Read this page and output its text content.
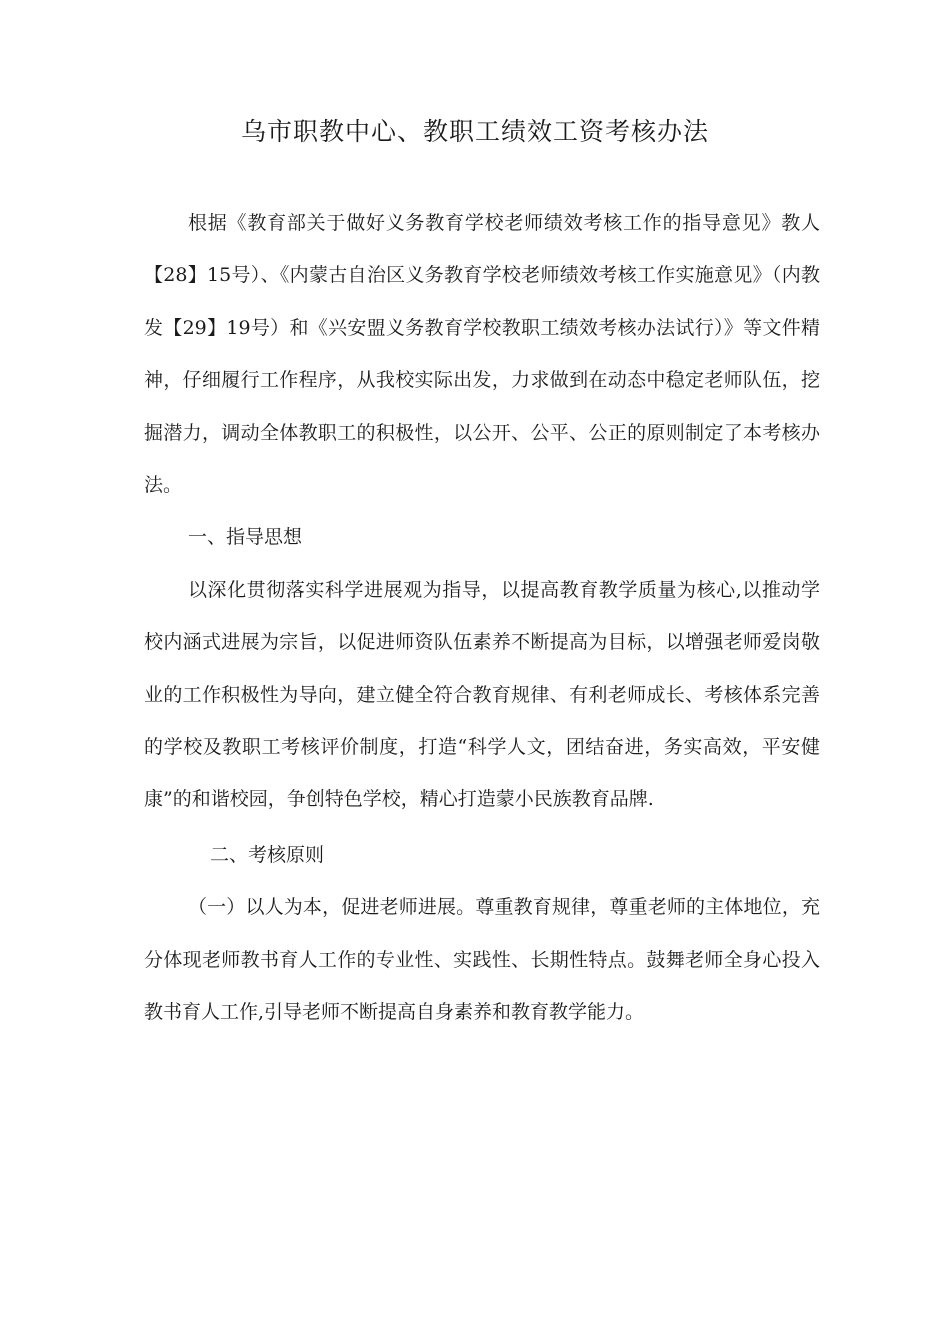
乌市职教中心、教职工绩效工资考核办法

根据《教育部关于做好义务教育学校老师绩效考核工作的指导意见》教人【28】15号）、《内蒙古自治区义务教育学校老师绩效考核工作实施意见》（内教发【29】19号）和《兴安盟义务教育学校教职工绩效考核办法试行）》等文件精神，仔细履行工作程序，从我校实际出发，力求做到在动态中稳定老师队伍，挖掘潜力，调动全体教职工的积极性，以公开、公平、公正的原则制定了本考核办法。

一、指导思想

以深化贯彻落实科学进展观为指导，以提高教育教学质量为核心,以推动学校内涵式进展为宗旨，以促进师资队伍素养不断提高为目标，以增强老师爱岗敬业的工作积极性为导向，建立健全符合教育规律、有利老师成长、考核体系完善的学校及教职工考核评价制度，打造“科学人文，团结奋进，务实高效，平安健康”的和谐校园，争创特色学校，精心打造蒙小民族教育品牌.

二、考核原则

（一）以人为本，促进老师进展。尊重教育规律，尊重老师的主体地位，充分体现老师教书育人工作的专业性、实践性、长期性特点。鼓舞老师全身心投入教书育人工作,引导老师不断提高自身素养和教育教学能力。
